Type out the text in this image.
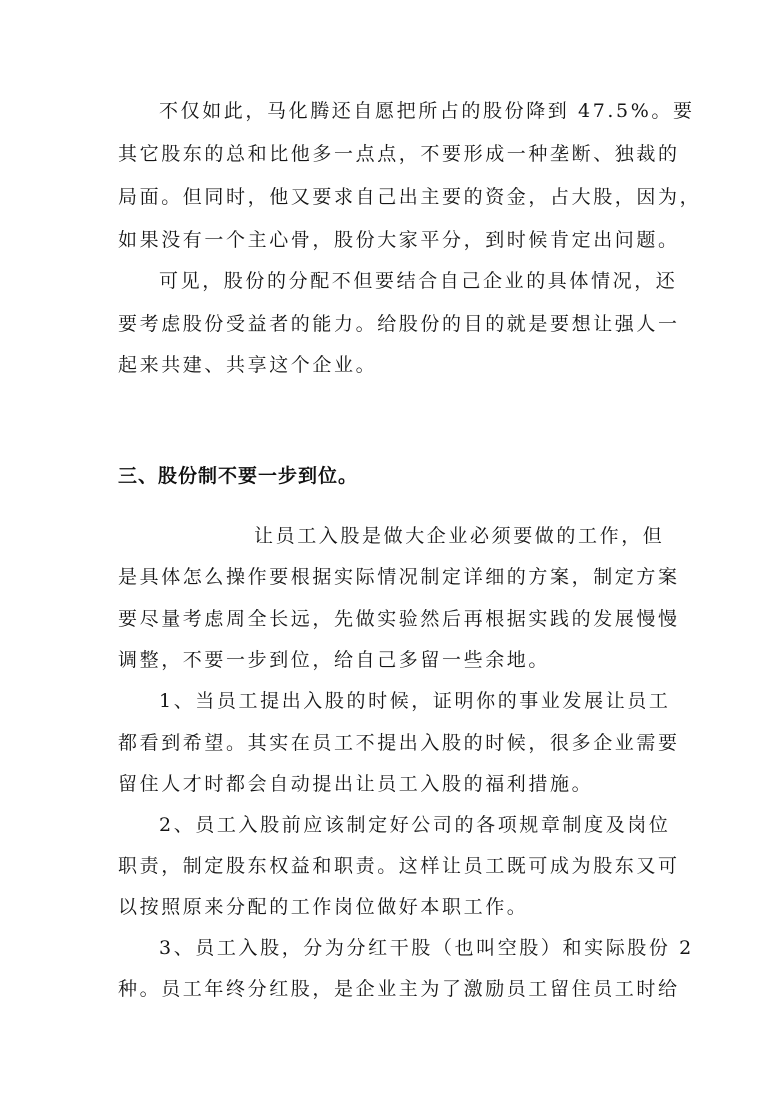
不仅如此，马化腾还自愿把所占的股份降到 47.5%。要

其它股东的总和比他多一点点，不要形成一种垄断、独裁的

局面。但同时，他又要求自己出主要的资金，占大股，因为，

如果没有一个主心骨，股份大家平分，到时候肯定出问题。

可见，股份的分配不但要结合自己企业的具体情况，还

要考虑股份受益者的能力。给股份的目的就是要想让强人一

起来共建、共享这个企业。

三、股份制不要一步到位。

让员工入股是做大企业必须要做的工作，但

是具体怎么操作要根据实际情况制定详细的方案，制定方案

要尽量考虑周全长远，先做实验然后再根据实践的发展慢慢

调整，不要一步到位，给自己多留一些余地。

1、当员工提出入股的时候，证明你的事业发展让员工

都看到希望。其实在员工不提出入股的时候，很多企业需要

留住人才时都会自动提出让员工入股的福利措施。

2、员工入股前应该制定好公司的各项规章制度及岗位

职责，制定股东权益和职责。这样让员工既可成为股东又可

以按照原来分配的工作岗位做好本职工作。

3、员工入股，分为分红干股（也叫空股）和实际股份 2

种。员工年终分红股，是企业主为了激励员工留住员工时给
